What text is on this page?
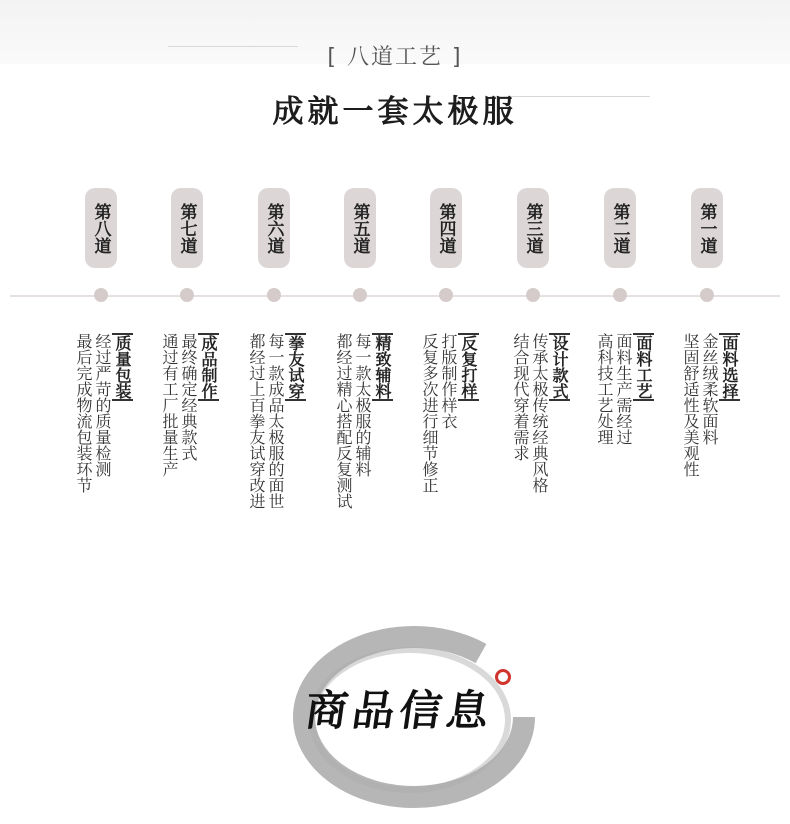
[ 八道工艺 ]
成就一套太极服
第八道	第七道	第六道	第五道	第四道	第三道	第二道	第一道
质量包装
经过严苛的质量检测
最后完成物流包装环节	成品制作
最终确定经典款式
通过有工厂批量生产	拳友试穿
每一款成品太极服的面世
都经过上百拳友试穿改进	精致辅料
每一款太极服的辅料
都经过精心搭配反复测试	反复打样
打版制作样衣
反复多次进行细节修正	设计款式
传承太极传统经典风格
结合现代穿着需求	面料工艺
面料生产需经过
高科技工艺处理	面料选择
金丝绒柔软面料
坚固舒适性及美观性
商品信息
